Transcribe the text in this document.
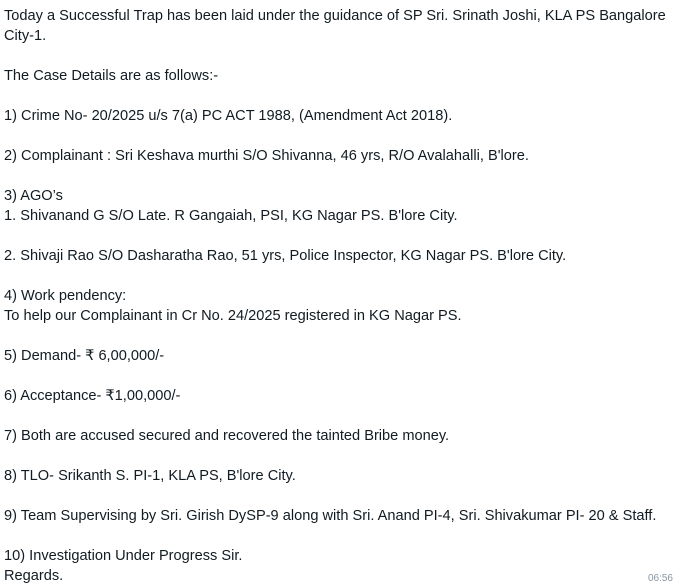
Today a Successful Trap has been laid under the guidance of SP Sri. Srinath Joshi, KLA PS Bangalore
City-1.
The Case Details are as follows:-
1) Crime No- 20/2025 u/s 7(a) PC ACT 1988, (Amendment Act 2018).
2) Complainant : Sri Keshava murthi S/O Shivanna, 46 yrs, R/O Avalahalli, B'lore.
3) AGO’s
1. Shivanand G S/O Late. R Gangaiah, PSI, KG Nagar PS. B'lore City.
2. Shivaji Rao S/O Dasharatha Rao, 51 yrs, Police Inspector, KG Nagar PS. B'lore City.
4) Work pendency:
To help our Complainant in Cr No. 24/2025 registered in KG Nagar PS.
5) Demand- ₹ 6,00,000/-
6) Acceptance- ₹1,00,000/-
7) Both are accused secured and recovered the tainted Bribe money.
8) TLO- Srikanth S. PI-1, KLA PS, B'lore City.
9) Team Supervising by Sri. Girish DySP-9 along with Sri. Anand PI-4, Sri. Shivakumar PI- 20 & Staff.
10) Investigation Under Progress Sir.
Regards.	06:56
